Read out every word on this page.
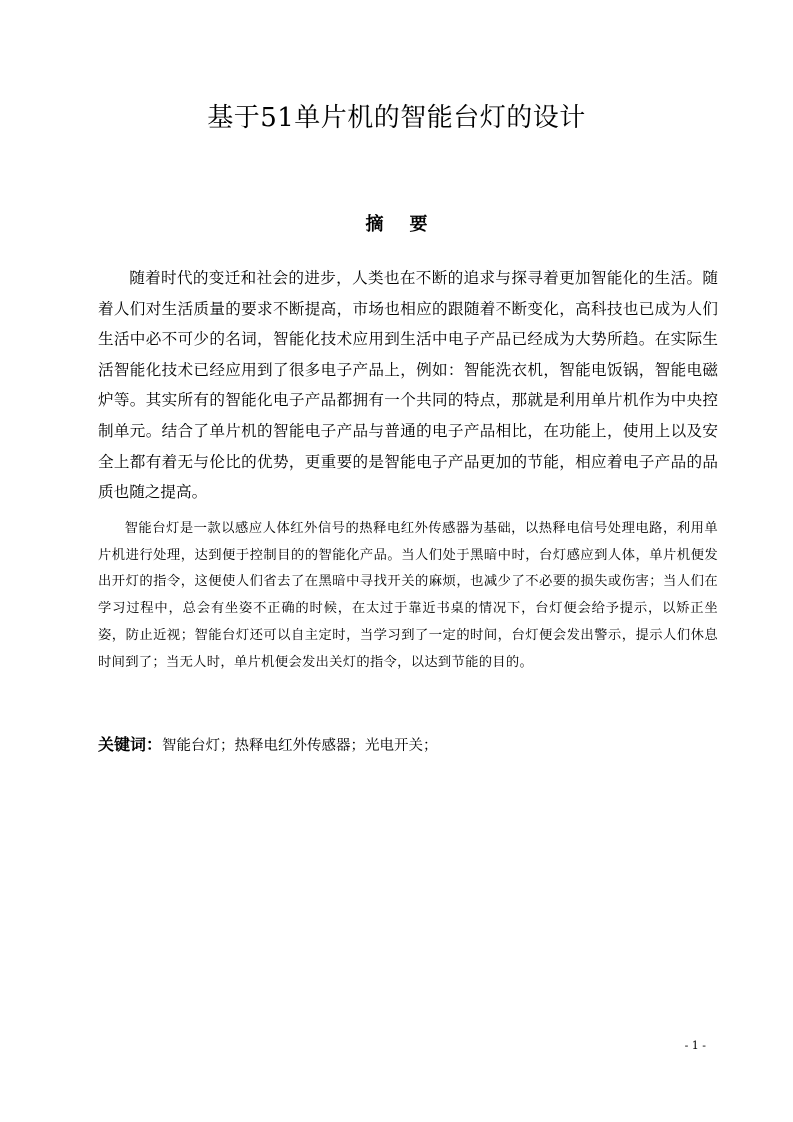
基于51单片机的智能台灯的设计
摘要

随着时代的变迁和社会的进步，人类也在不断的追求与探寻着更加智能化的生活。随着人们对生活质量的要求不断提高，市场也相应的跟随着不断变化，高科技也已成为人们生活中必不可少的名词，智能化技术应用到生活中电子产品已经成为大势所趋。在实际生活智能化技术已经应用到了很多电子产品上，例如：智能洗衣机，智能电饭锅，智能电磁炉等。其实所有的智能化电子产品都拥有一个共同的特点，那就是利用单片机作为中央控制单元。结合了单片机的智能电子产品与普通的电子产品相比，在功能上，使用上以及安全上都有着无与伦比的优势，更重要的是智能电子产品更加的节能，相应着电子产品的品质也随之提高。

智能台灯是一款以感应人体红外信号的热释电红外传感器为基础，以热释电信号处理电路，利用单片机进行处理，达到便于控制目的的智能化产品。当人们处于黑暗中时，台灯感应到人体，单片机便发出开灯的指令，这便使人们省去了在黑暗中寻找开关的麻烦，也减少了不必要的损失或伤害；当人们在学习过程中，总会有坐姿不正确的时候，在太过于靠近书桌的情况下，台灯便会给予提示，以矫正坐姿，防止近视；智能台灯还可以自主定时，当学习到了一定的时间，台灯便会发出警示，提示人们休息时间到了；当无人时，单片机便会发出关灯的指令，以达到节能的目的。

关键词：智能台灯；热释电红外传感器；光电开关；
- 1 -
